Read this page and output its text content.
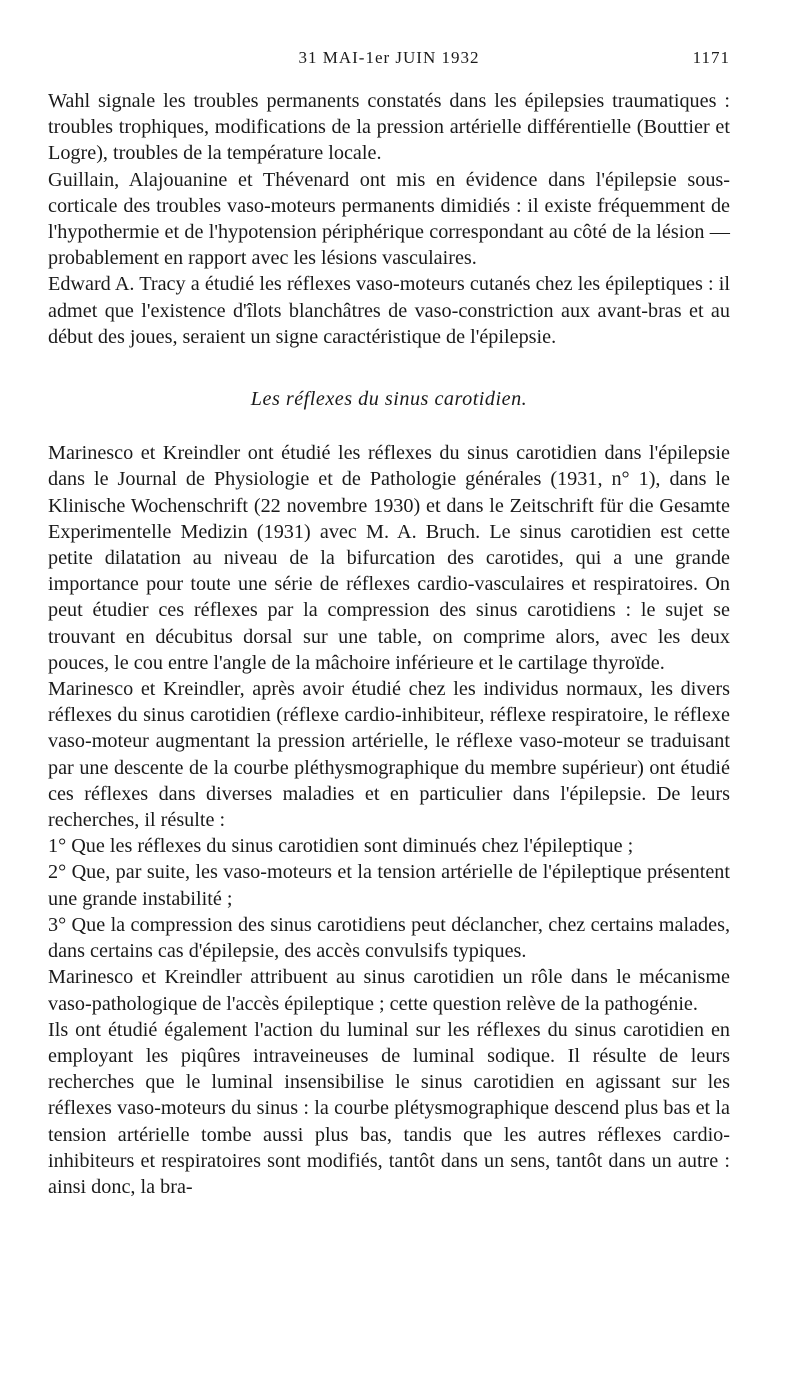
31 MAI-1er JUIN 1932	1171

Wahl signale les troubles permanents constatés dans les épilepsies traumatiques : troubles trophiques, modifications de la pression artérielle différentielle (Bouttier et Logre), troubles de la température locale.

Guillain, Alajouanine et Thévenard ont mis en évidence dans l'épilepsie sous-corticale des troubles vaso-moteurs permanents dimidiés : il existe fréquemment de l'hypothermie et de l'hypotension périphérique correspondant au côté de la lésion — probablement en rapport avec les lésions vasculaires.

Edward A. Tracy a étudié les réflexes vaso-moteurs cutanés chez les épileptiques : il admet que l'existence d'îlots blanchâtres de vaso-constriction aux avant-bras et au début des joues, seraient un signe caractéristique de l'épilepsie.

Les réflexes du sinus carotidien.

Marinesco et Kreindler ont étudié les réflexes du sinus carotidien dans l'épilepsie dans le Journal de Physiologie et de Pathologie générales (1931, n° 1), dans le Klinische Wochenschrift (22 novembre 1930) et dans le Zeitschrift für die Gesamte Experimentelle Medizin (1931) avec M. A. Bruch. Le sinus carotidien est cette petite dilatation au niveau de la bifurcation des carotides, qui a une grande importance pour toute une série de réflexes cardio-vasculaires et respiratoires. On peut étudier ces réflexes par la compression des sinus carotidiens : le sujet se trouvant en décubitus dorsal sur une table, on comprime alors, avec les deux pouces, le cou entre l'angle de la mâchoire inférieure et le cartilage thyroïde.

Marinesco et Kreindler, après avoir étudié chez les individus normaux, les divers réflexes du sinus carotidien (réflexe cardio-inhibiteur, réflexe respiratoire, le réflexe vaso-moteur augmentant la pression artérielle, le réflexe vaso-moteur se traduisant par une descente de la courbe pléthysmographique du membre supérieur) ont étudié ces réflexes dans diverses maladies et en particulier dans l'épilepsie. De leurs recherches, il résulte :

1° Que les réflexes du sinus carotidien sont diminués chez l'épileptique ;

2° Que, par suite, les vaso-moteurs et la tension artérielle de l'épileptique présentent une grande instabilité ;

3° Que la compression des sinus carotidiens peut déclancher, chez certains malades, dans certains cas d'épilepsie, des accès convulsifs typiques.

Marinesco et Kreindler attribuent au sinus carotidien un rôle dans le mécanisme vaso-pathologique de l'accès épileptique ; cette question relève de la pathogénie.

Ils ont étudié également l'action du luminal sur les réflexes du sinus carotidien en employant les piqûres intraveineuses de luminal sodique. Il résulte de leurs recherches que le luminal insensibilise le sinus carotidien en agissant sur les réflexes vaso-moteurs du sinus : la courbe plétysmographique descend plus bas et la tension artérielle tombe aussi plus bas, tandis que les autres réflexes cardio-inhibiteurs et respiratoires sont modifiés, tantôt dans un sens, tantôt dans un autre : ainsi donc, la bra-
